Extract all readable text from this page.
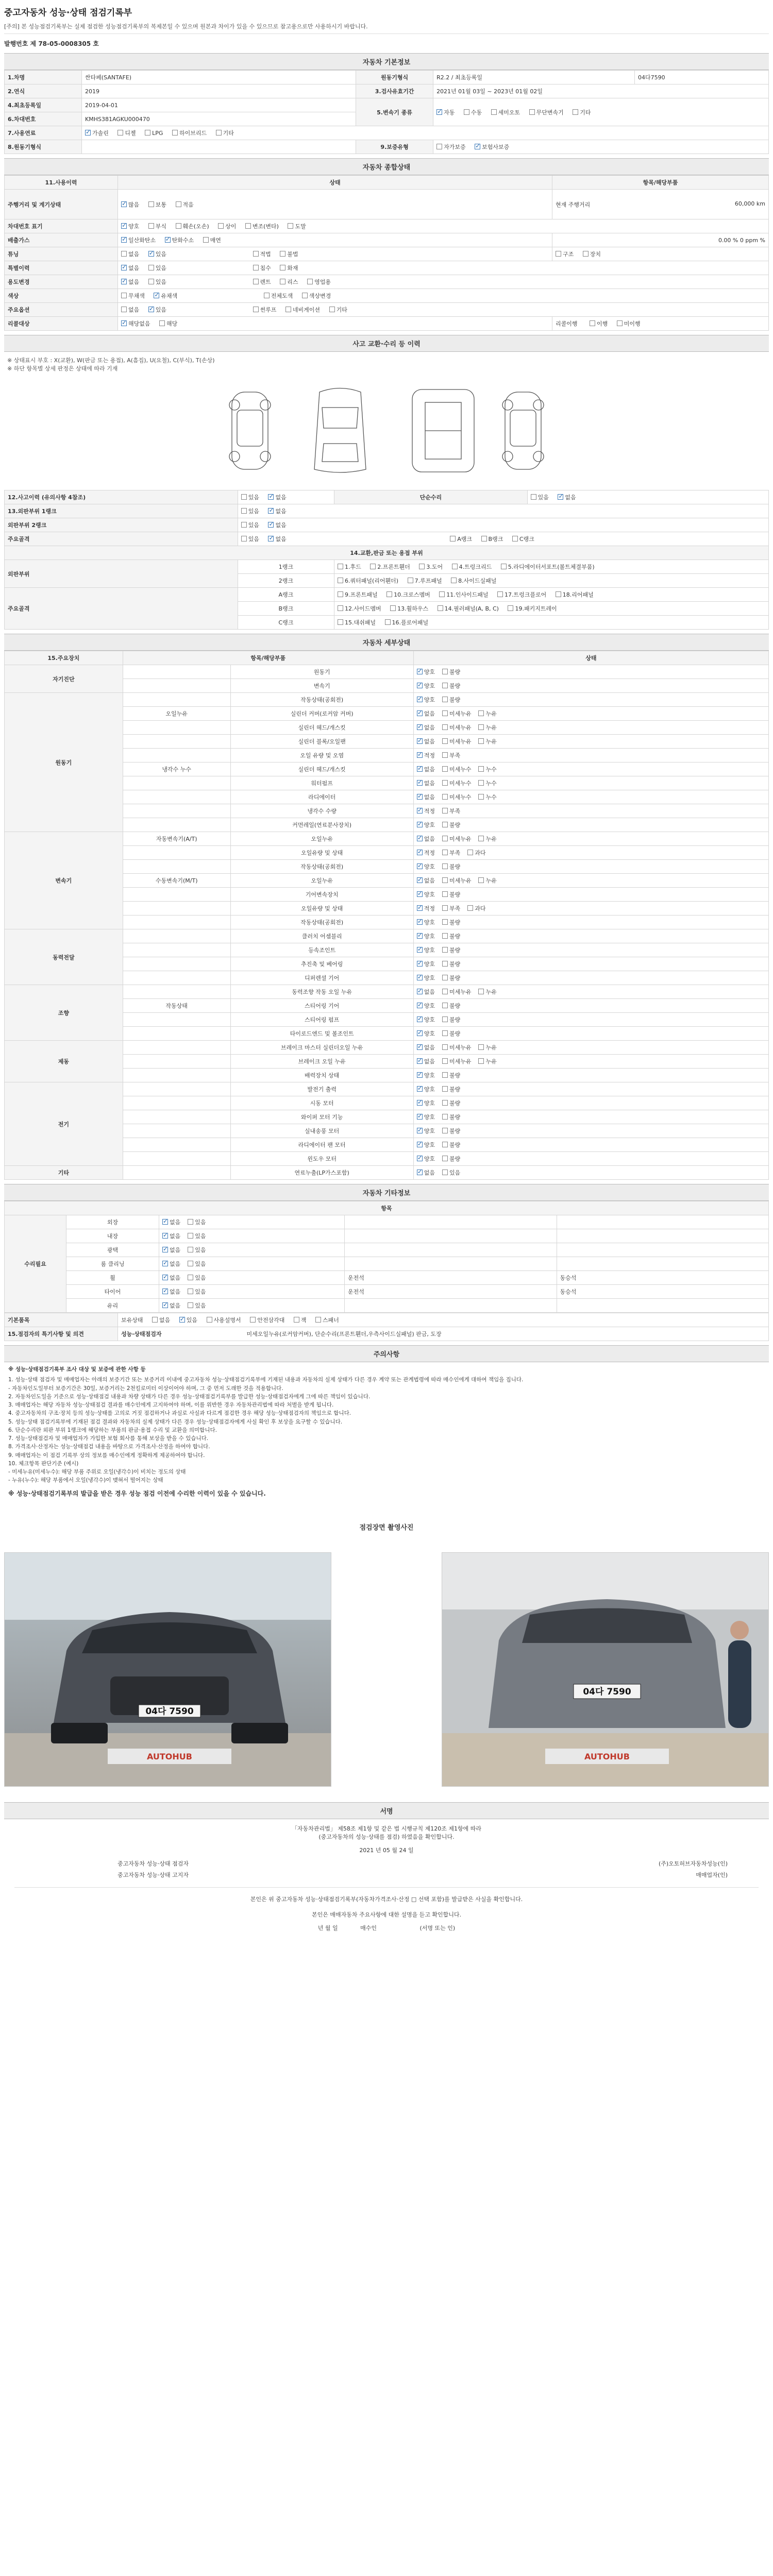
중고자동차 성능·상태 점검기록부
[주의] 본 성능점검기록부는 실제 점검한 성능점검기록부의 복제본일 수 있으며 원본과 차이가 있을 수 있으므로 참고용으로만 사용하시기 바랍니다.
발행번호 제 78-05-0008305 호
자동차 기본정보
1.차명	싼타페(SANTAFE)	원동기형식	R2.2 / 최초등록일	04다7590
2.연식	2019	3.검사유효기간	2021년 01월 03일 ~ 2023년 01월 02일	
4.최초등록일	2019-04-01	5.변속기 종류	✓자동 수동 세미오토 무단변속기 기타
6.차대번호	KMHS381AGKU000470			
7.사용연료	✓가솔린 디젤 LPG 하이브리드 기타
8.원동기형식		9.보증유형	자가보증 ✓ 보험사보증
자동차 종합상태
11.사용이력	상태	항목/해당부품
주행거리 및 계기상태	✓많음 보통 적음	현재 주행거리 60,000 km

차대번호 표기	✓양호 부식 훼손(오손) 상이 변조(변타) 도말
배출가스	✓일산화탄소 ✓ 탄화수소 매연	0.00 % 0 ppm %
튜닝	없음 ✓ 있음 적법 불법	구조 장치
특별이력	✓없음 있음 침수 화재
용도변경	✓없음 있음 렌트 리스 영업용
색상	무채색 ✓ 유채색 전체도색 색상변경
주요옵션	없음 ✓ 있음 썬루프 네비게이션 기타
리콜대상	✓해당없음 해당	리콜이행 이행 미이행
사고 교환·수리 등 이력
※ 상태표시 부호 : X(교환), W(판금 또는 용접), A(흠집), U(요철), C(부식), T(손상)
※ 하단 항목별 상세 판정은 상태에 따라 기재
12.사고이력 (유의사항 4참조)	있음 ✓ 없음	단순수리	있음 ✓ 없음
13.외판부위 1랭크	있음 ✓ 없음
외판부위 2랭크	있음 ✓ 없음
주요골격	있음 ✓ 없음 A랭크 B랭크 C랭크
14.교환,판금 또는 용접 부위			
외판부위	1랭크	1.후드 2.프론트휀더 3.도어 4.트렁크리드 5.라디에이터서포트(볼트체결부품)	
	2랭크	6.쿼터패널(리어휀더) 7.루프패널 8.사이드실패널	
주요골격	A랭크	9.프론트패널 10.크로스멤버 11.인사이드패널 17.트렁크플로어 18.리어패널	
	B랭크	12.사이드멤버 13.휠하우스 14.필러패널(A, B, C) 19.패키지트레이	
	C랭크	15.대쉬패널 16.플로어패널	
자동차 세부상태
15.주요장치	항목/해당부품		상태
자기진단		원동기	✓양호 불량
		변속기	✓양호 불량
원동기		작동상태(공회전)	✓양호 불량
	오일누유	실린더 커버(로커암 커버)	✓없음 미세누유 누유
		실린더 헤드/개스킷	✓없음 미세누유 누유
		실린더 블록/오일팬	✓없음 미세누유 누유
		오일 유량 및 오염	✓적정 부족
	냉각수 누수	실린더 헤드/개스킷	✓없음 미세누수 누수
		워터펌프	✓없음 미세누수 누수
		라디에이터	✓없음 미세누수 누수
		냉각수 수량	✓적정 부족
		커먼레일(연료분사장치)	✓양호 불량
변속기	자동변속기(A/T)	오일누유	✓없음 미세누유 누유
		오일유량 및 상태	✓적정 부족 과다
		작동상태(공회전)	✓양호 불량
	수동변속기(M/T)	오일누유	✓없음 미세누유 누유
		기어변속장치	✓양호 불량
		오일유량 및 상태	✓적정 부족 과다
		작동상태(공회전)	✓양호 불량
동력전달		클러치 어셈블리	✓양호 불량
		등속조인트	✓양호 불량
		추진축 및 베어링	✓양호 불량
		디퍼렌셜 기어	✓양호 불량
조향		동력조향 작동 오일 누유	✓없음 미세누유 누유
	작동상태	스티어링 기어	✓양호 불량
		스티어링 펌프	✓양호 불량
		타이로드엔드 및 볼조인트	✓양호 불량
제동		브레이크 마스터 실린더오일 누유	✓없음 미세누유 누유
		브레이크 오일 누유	✓없음 미세누유 누유
		배력장치 상태	✓양호 불량
전기		발전기 출력	✓양호 불량
		시동 모터	✓양호 불량
		와이퍼 모터 기능	✓양호 불량
		실내송풍 모터	✓양호 불량
		라디에이터 팬 모터	✓양호 불량
		윈도우 모터	✓양호 불량
기타		연료누출(LP가스포함)	✓없음 있음
자동차 기타정보
항목				
수리필요	외장	✓없음 있음		
	내장	✓없음 있음		
	광택	✓없음 있음		
	룸 클리닝	✓없음 있음		
	휠	✓없음 있음	운전석	동승석
	타이어	✓없음 있음	운전석	동승석
	유리	✓없음 있음		
기본품목	보유상태 없음 ✓ 있음 사용설명서 안전삼각대 잭 스패너
15.점검자의 특기사항 및 의견	성능·상태점검자 미세오일누유(로커암커버), 단순수리(프론트휀더,우측사이드실패널) 판금, 도장
주의사항
※ 성능·상태점검기록부 조사 대상 및 보증에 관한 사항 등
1. 성능·상태 점검자 및 매매업자는 아래의 보증기간 또는 보증거리 이내에 중고자동차 성능·상태점검기록부에 기재된 내용과 자동차의 실제 상태가 다른 경우 계약 또는 관계법령에 따라 매수인에게 대하여 책임을 집니다.
- 자동차인도일부터 보증기간은 30일, 보증거리는 2천킬로미터 이상이어야 하며, 그 중 먼저 도래한 것을 적용합니다.
2. 자동차인도일을 기준으로 성능·상태점검 내용과 차량 상태가 다른 경우 성능·상태점검기록부를 발급한 성능·상태점검자에게 그에 따른 책임이 있습니다.
3. 매매업자는 해당 자동차 성능·상태점검 결과를 매수인에게 고지하여야 하며, 이를 위반한 경우 자동차관리법에 따라 처벌을 받게 됩니다.
4. 중고자동차의 구조·장치 등의 성능·상태를 고의로 거짓 점검하거나 과실로 사실과 다르게 점검한 경우 해당 성능·상태점검자의 책임으로 합니다.
5. 성능·상태 점검기록부에 기재된 점검 결과와 자동차의 실제 상태가 다른 경우 성능·상태점검자에게 사실 확인 후 보상을 요구할 수 있습니다.
6. 단순수리란 외판 부위 1랭크에 해당하는 부품의 판금·용접 수리 및 교환을 의미합니다.
7. 성능·상태점검자 및 매매업자가 가입한 보험 회사를 통해 보상을 받을 수 있습니다.
8. 가격조사·산정자는 성능·상태점검 내용을 바탕으로 가격조사·산정을 하여야 합니다.
9. 매매업자는 이 점검 기록부 상의 정보를 매수인에게 정확하게 제공하여야 합니다.
10. 체크항목 판단기준 (예시)
- 미세누유(미세누수): 해당 부품 주위로 오일(냉각수)이 비치는 정도의 상태
- 누유(누수): 해당 부품에서 오일(냉각수)이 맺혀서 떨어지는 상태
※ 성능·상태점검기록부의 발급을 받은 경우 성능 점검 이전에 수리한 이력이 있을 수 있습니다.
점검장면 촬영사진
04다 7590
AUTOHUB
04다 7590
AUTOHUB
서명
「자동차관리법」 제58조 제1항 및 같은 법 시행규칙 제120조 제1항에 따라
(중고자동차의 성능·상태를 점검) 하였음을 확인합니다.
2021 년 05 월 24 일
중고자동차 성능·상태 점검자	(주)오토허브자동차성능(인)
중고자동차 성능·상태 고지자	매매업자(인)
본인은 위 중고자동차 성능·상태점검기록부(자동차가격조사·산정 □ 선택 포함)를 발급받은 사실을 확인합니다.
본인은 매매자동차 주요사항에 대한 설명을 듣고 확인합니다.
년 월 일	매수인	(서명 또는 인)
